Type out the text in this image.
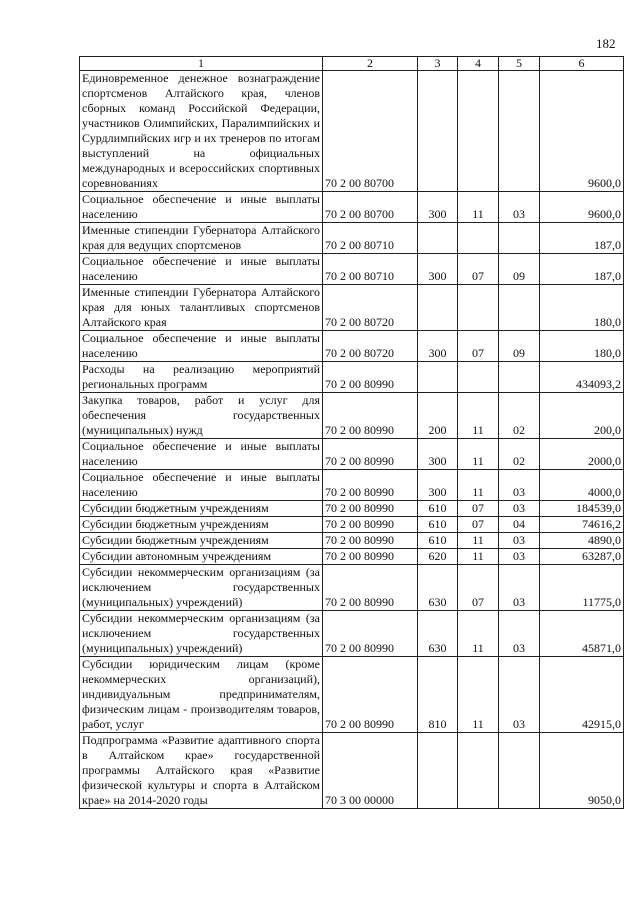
182
1	2	3	4	5	6
Единовременное денежное вознаграждение спортсменов Алтайского края, членов сборных команд Российской Федерации, участников Олимпийских, Паралимпийских и Сурдлимпийских игр и их тренеров по итогам выступлений на официальных международных и всероссийских спортивных соревнованиях	70 2 00 80700				9600,0
Социальное обеспечение и иные выплаты населению	70 2 00 80700	300	11	03	9600,0
Именные стипендии Губернатора Алтайского края для ведущих спортсменов	70 2 00 80710				187,0
Социальное обеспечение и иные выплаты населению	70 2 00 80710	300	07	09	187,0
Именные стипендии Губернатора Алтайского края для юных талантливых спортсменов Алтайского края	70 2 00 80720				180,0
Социальное обеспечение и иные выплаты населению	70 2 00 80720	300	07	09	180,0
Расходы на реализацию мероприятий региональных программ	70 2 00 80990				434093,2
Закупка товаров, работ и услуг для обеспечения государственных (муниципальных) нужд	70 2 00 80990	200	11	02	200,0
Социальное обеспечение и иные выплаты населению	70 2 00 80990	300	11	02	2000,0
Социальное обеспечение и иные выплаты населению	70 2 00 80990	300	11	03	4000,0
Субсидии бюджетным учреждениям	70 2 00 80990	610	07	03	184539,0
Субсидии бюджетным учреждениям	70 2 00 80990	610	07	04	74616,2
Субсидии бюджетным учреждениям	70 2 00 80990	610	11	03	4890,0
Субсидии автономным учреждениям	70 2 00 80990	620	11	03	63287,0
Субсидии некоммерческим организациям (за исключением государственных (муниципальных) учреждений)	70 2 00 80990	630	07	03	11775,0
Субсидии некоммерческим организациям (за исключением государственных (муниципальных) учреждений)	70 2 00 80990	630	11	03	45871,0
Субсидии юридическим лицам (кроме некоммерческих организаций), индивидуальным предпринимателям, физическим лицам - производителям товаров, работ, услуг	70 2 00 80990	810	11	03	42915,0
Подпрограмма «Развитие адаптивного спорта в Алтайском крае» государственной программы Алтайского края «Развитие физической культуры и спорта в Алтайском крае» на 2014-2020 годы	70 3 00 00000				9050,0
